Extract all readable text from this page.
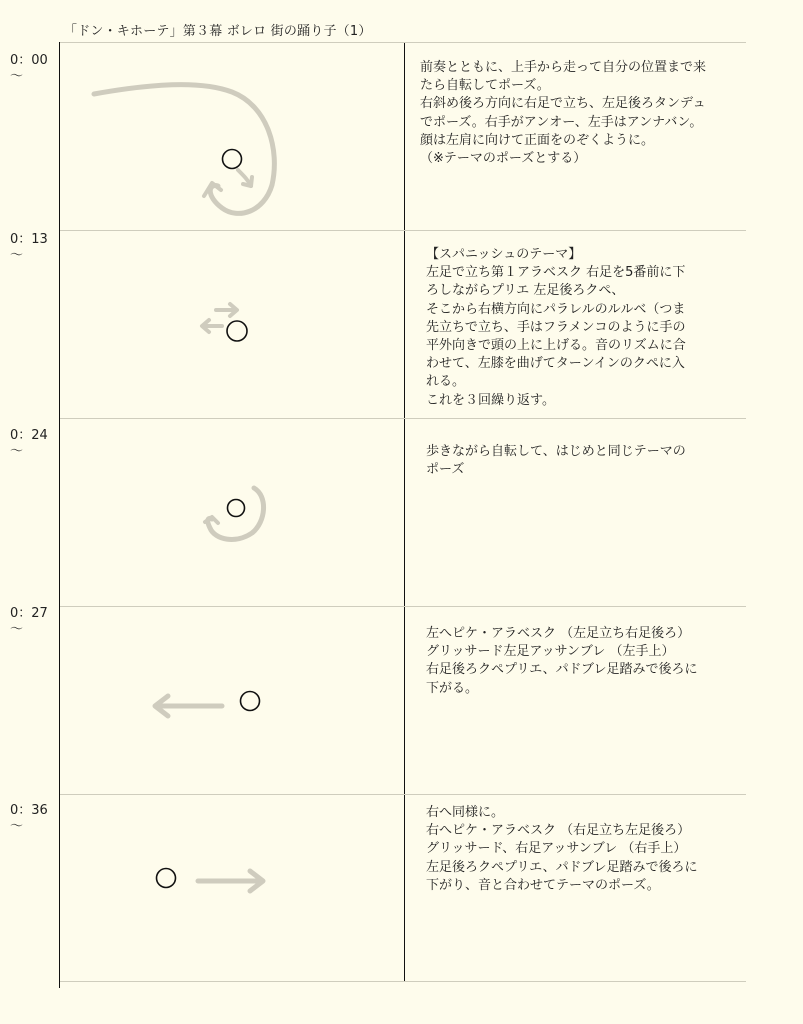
「ドン・キホーテ」第３幕 ボレロ 街の踊り子（1）
0：00
〜
0：13
〜
0：24
〜
0：27
〜
0：36
〜
前奏とともに、上手から走って自分の位置まで来
たら自転してポーズ。
右斜め後ろ方向に右足で立ち、左足後ろタンデュ
でポーズ。右手がアンオー、左手はアンナバン。
顔は左肩に向けて正面をのぞくように。
（※テーマのポーズとする）
【スパニッシュのテーマ】
左足で立ち第１アラベスク 右足を5番前に下
ろしながらプリエ 左足後ろクペ、
そこから右横方向にパラレルのルルベ（つま
先立ちで立ち、手はフラメンコのように手の
平外向きで頭の上に上げる。音のリズムに合
わせて、左膝を曲げてターンインのクペに入
れる。
これを３回繰り返す。
歩きながら自転して、はじめと同じテーマの
ポーズ
左へピケ・アラベスク （左足立ち右足後ろ）
グリッサード左足アッサンブレ （左手上）
右足後ろクペプリエ、パドブレ足踏みで後ろに
下がる。
右へ同様に。
右へピケ・アラベスク （右足立ち左足後ろ）
グリッサード、右足アッサンブレ （右手上）
左足後ろクペプリエ、パドブレ足踏みで後ろに
下がり、音と合わせてテーマのポーズ。
